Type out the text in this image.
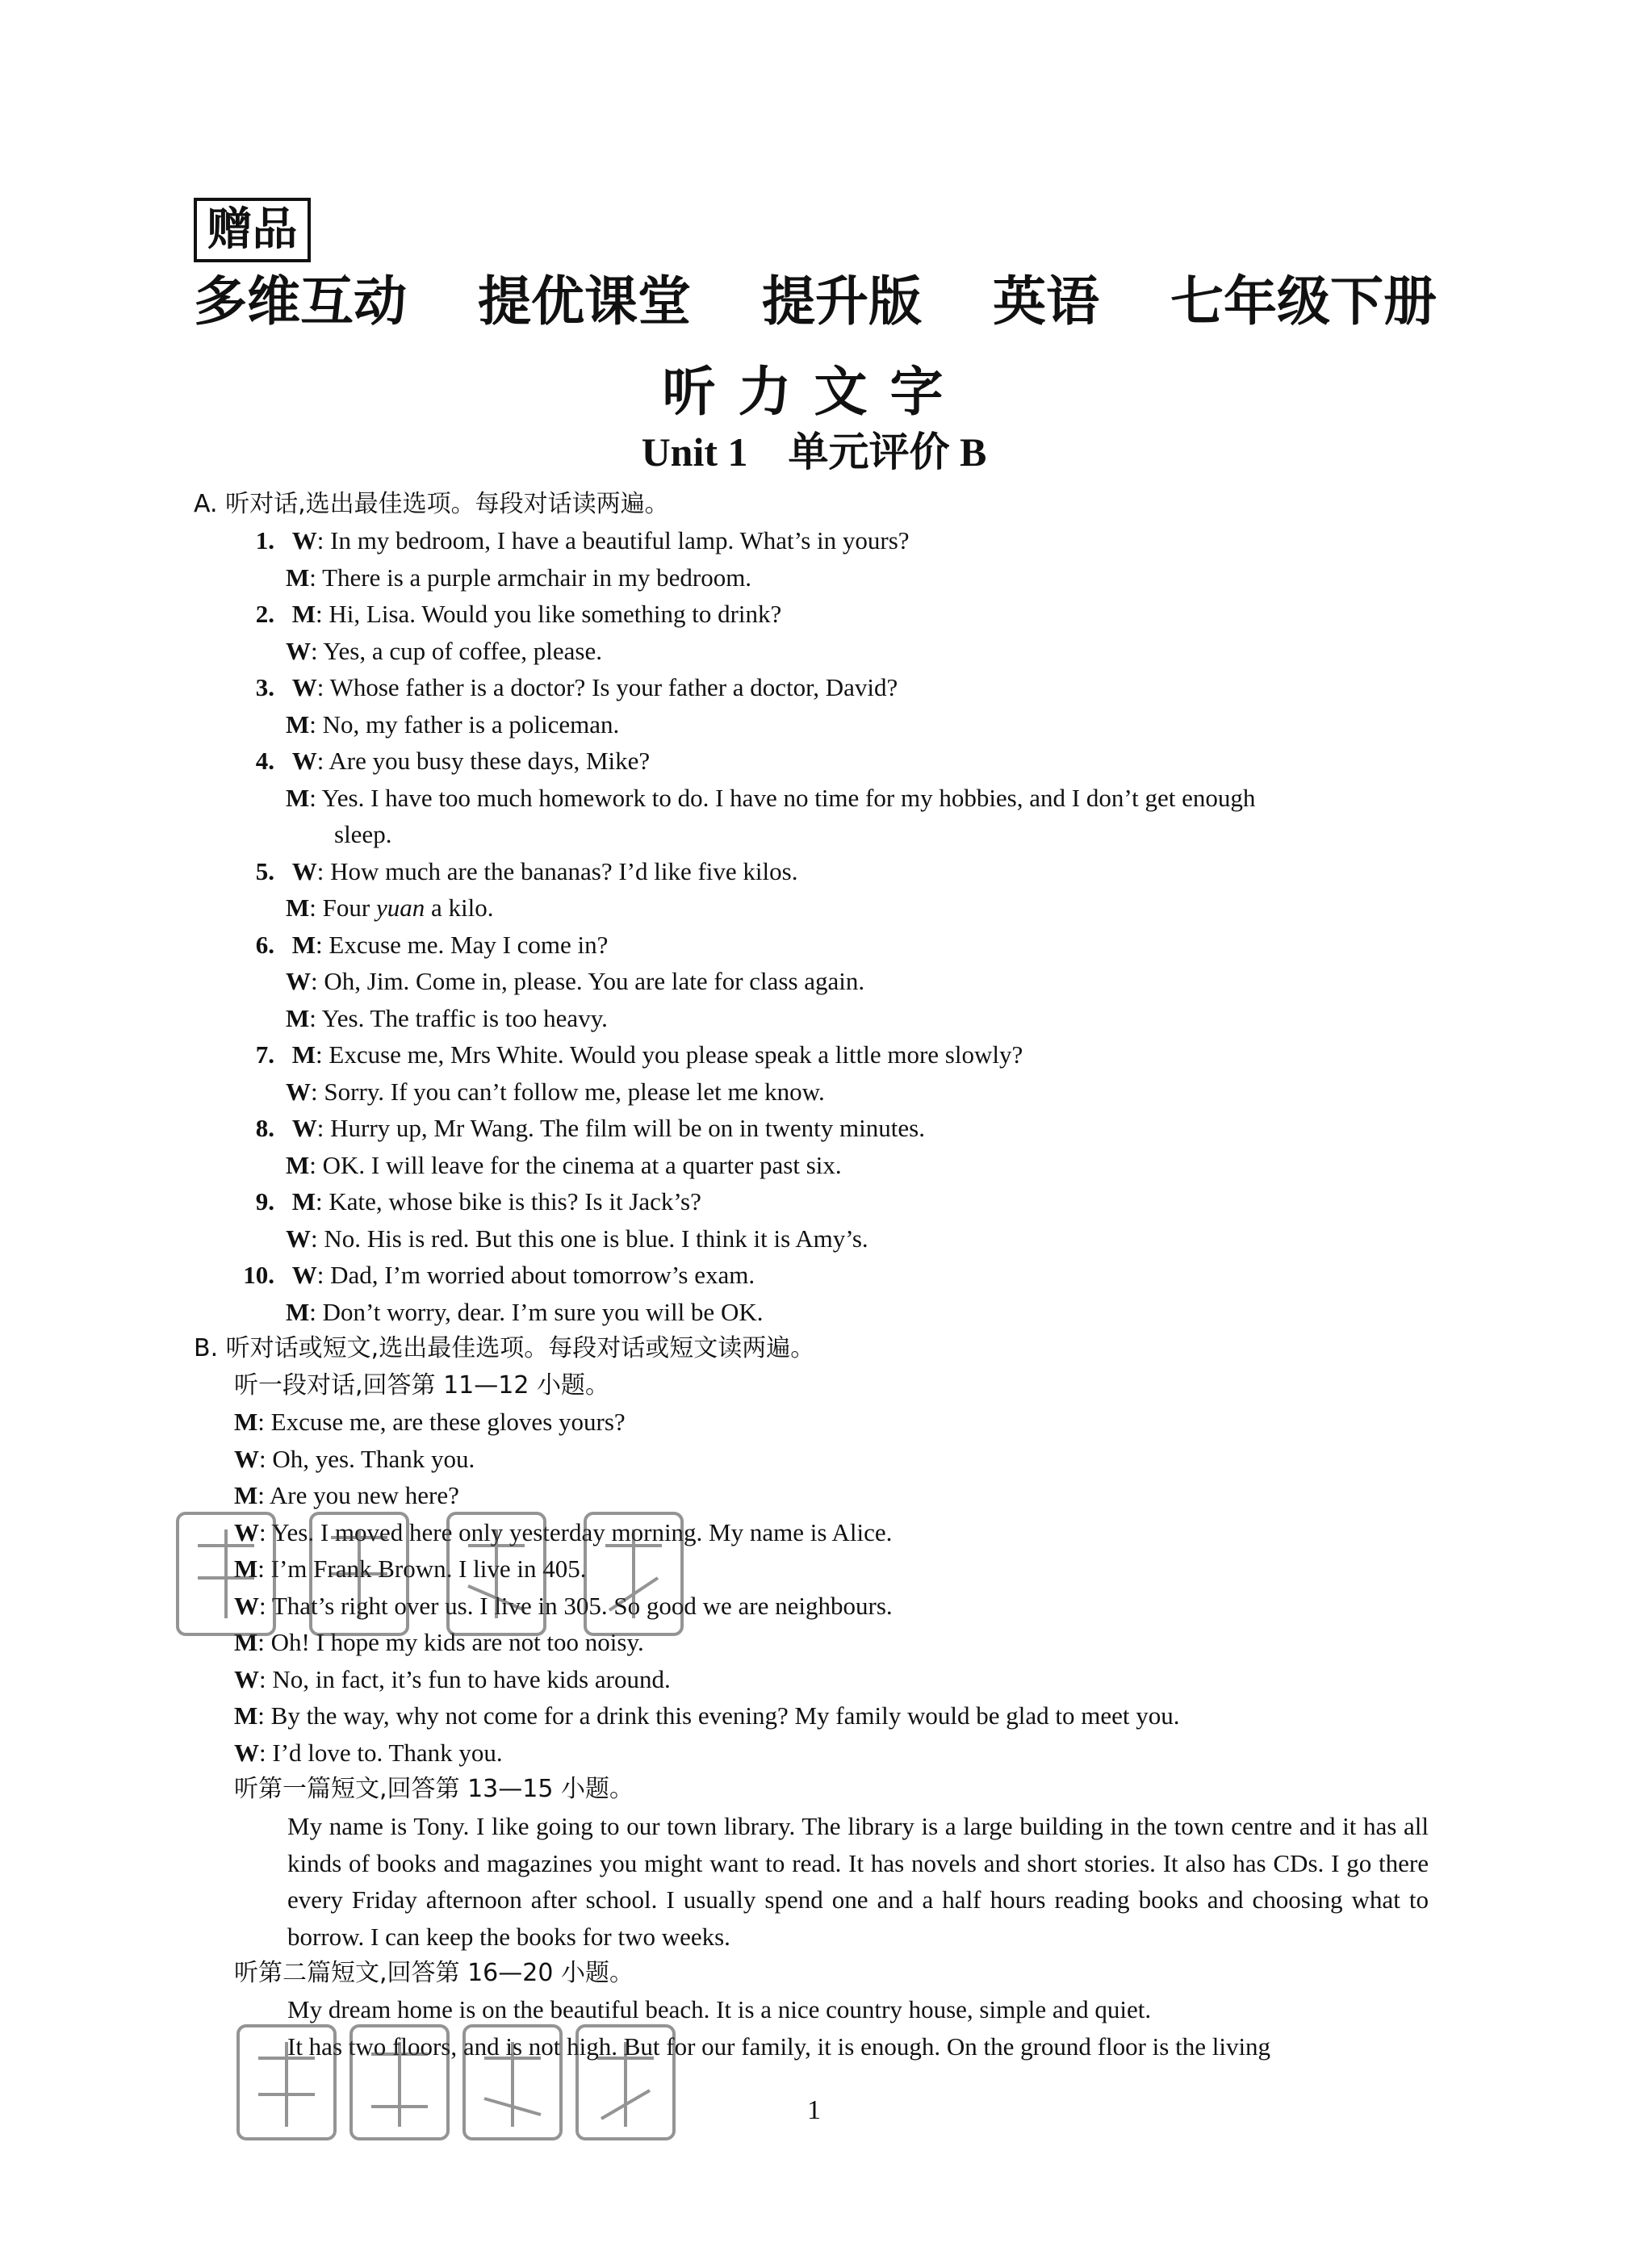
赠品
多维互动 提优课堂 提升版 英语 七年级下册
听力文字
Unit 1 单元评价 B
A. 听对话,选出最佳选项。每段对话读两遍。
1. W: In my bedroom, I have a beautiful lamp. What’s in yours?
M: There is a purple armchair in my bedroom.
2. M: Hi, Lisa. Would you like something to drink?
W: Yes, a cup of coffee, please.
3. W: Whose father is a doctor? Is your father a doctor, David?
M: No, my father is a policeman.
4. W: Are you busy these days, Mike?
M: Yes. I have too much homework to do. I have no time for my hobbies, and I don’t get enough
sleep.
5. W: How much are the bananas? I’d like five kilos.
M: Four yuan a kilo.
6. M: Excuse me. May I come in?
W: Oh, Jim. Come in, please. You are late for class again.
M: Yes. The traffic is too heavy.
7. M: Excuse me, Mrs White. Would you please speak a little more slowly?
W: Sorry. If you can’t follow me, please let me know.
8. W: Hurry up, Mr Wang. The film will be on in twenty minutes.
M: OK. I will leave for the cinema at a quarter past six.
9. M: Kate, whose bike is this? Is it Jack’s?
W: No. His is red. But this one is blue. I think it is Amy’s.
10. W: Dad, I’m worried about tomorrow’s exam.
M: Don’t worry, dear. I’m sure you will be OK.
B. 听对话或短文,选出最佳选项。每段对话或短文读两遍。
听一段对话,回答第 11—12 小题。
M: Excuse me, are these gloves yours?
W: Oh, yes. Thank you.
M: Are you new here?
W: Yes. I moved here only yesterday morning. My name is Alice.
M: I’m Frank Brown. I live in 405.
W: That’s right over us. I live in 305. So good we are neighbours.
M: Oh! I hope my kids are not too noisy.
W: No, in fact, it’s fun to have kids around.
M: By the way, why not come for a drink this evening? My family would be glad to meet you.
W: I’d love to. Thank you.
听第一篇短文,回答第 13—15 小题。
My name is Tony. I like going to our town library. The library is a large building in the town centre and it has all kinds of books and magazines you might want to read. It has novels and short stories. It also has CDs. I go there every Friday afternoon after school. I usually spend one and a half hours reading books and choosing what to borrow. I can keep the books for two weeks.
听第二篇短文,回答第 16—20 小题。
My dream home is on the beautiful beach. It is a nice country house, simple and quiet.
It has two floors, and is not high. But for our family, it is enough. On the ground floor is the living
1
